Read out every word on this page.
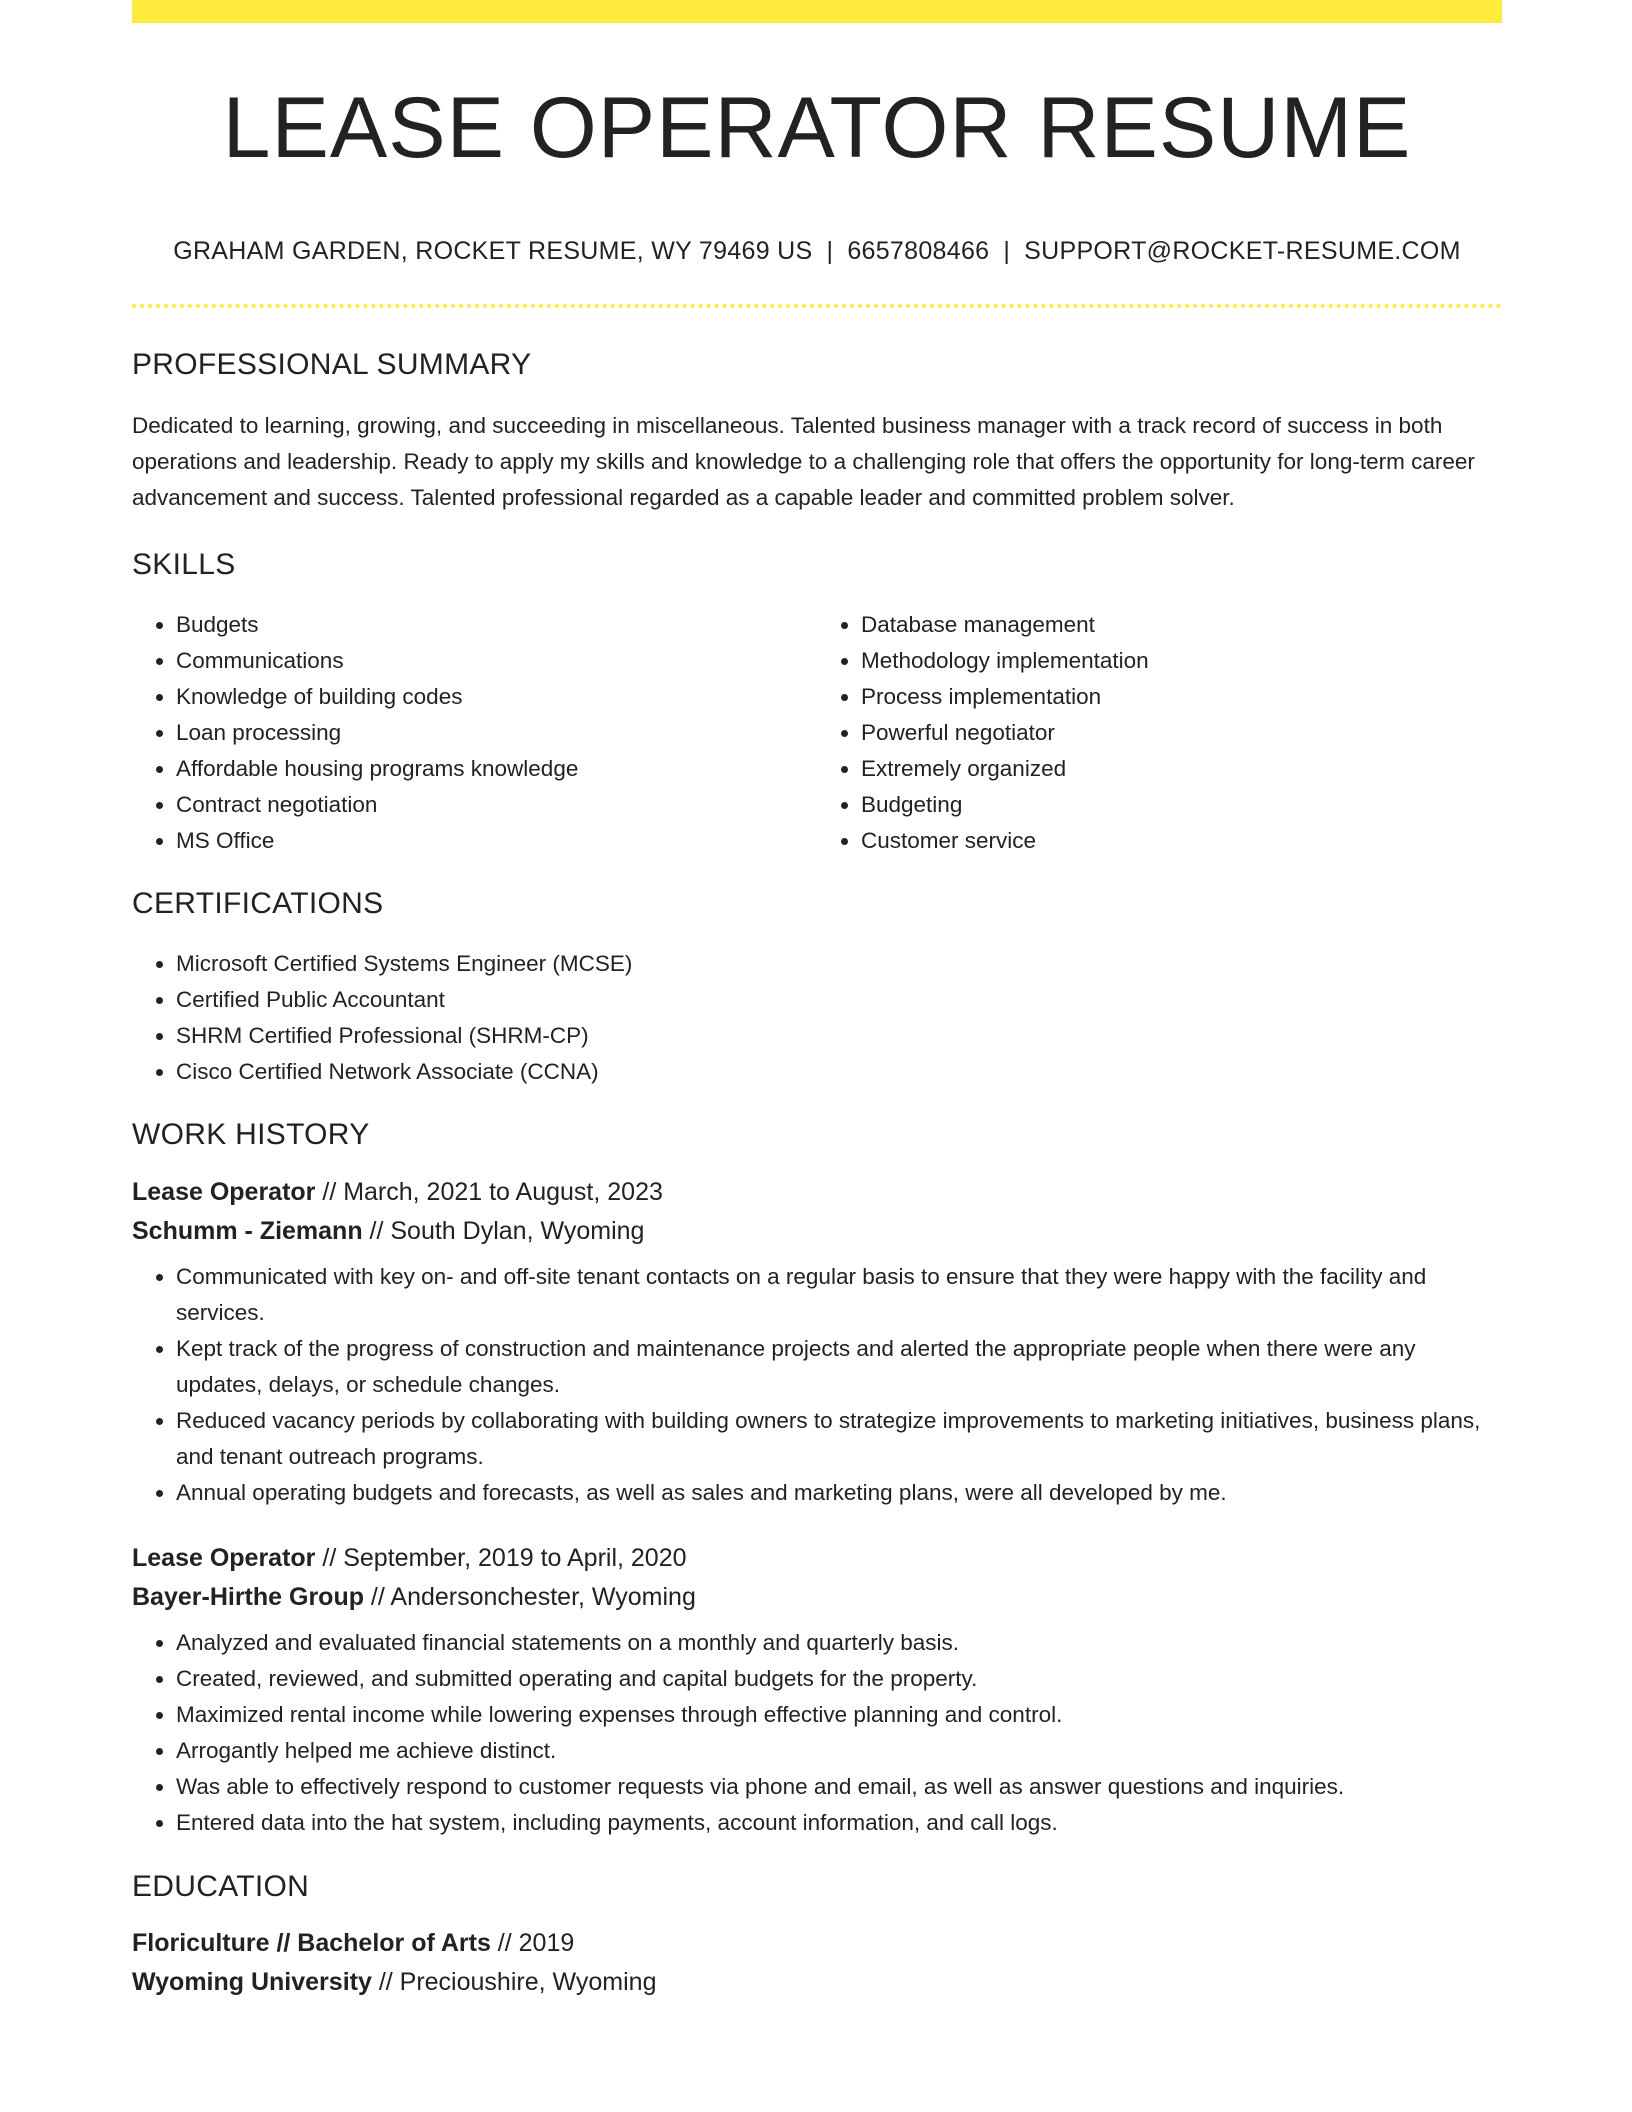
LEASE OPERATOR RESUME
GRAHAM GARDEN, ROCKET RESUME, WY 79469 US | 6657808466 | SUPPORT@ROCKET-RESUME.COM
PROFESSIONAL SUMMARY

Dedicated to learning, growing, and succeeding in miscellaneous. Talented business manager with a track record of success in both operations and leadership. Ready to apply my skills and knowledge to a challenging role that offers the opportunity for long-term career advancement and success. Talented professional regarded as a capable leader and committed problem solver.

SKILLS
• Budgets
• Communications
• Knowledge of building codes
• Loan processing
• Affordable housing programs knowledge
• Contract negotiation
• MS Office
• Database management
• Methodology implementation
• Process implementation
• Powerful negotiator
• Extremely organized
• Budgeting
• Customer service
CERTIFICATIONS
• Microsoft Certified Systems Engineer (MCSE)
• Certified Public Accountant
• SHRM Certified Professional (SHRM-CP)
• Cisco Certified Network Associate (CCNA)
WORK HISTORY
Lease Operator // March, 2021 to August, 2023
Schumm - Ziemann // South Dylan, Wyoming
• Communicated with key on- and off-site tenant contacts on a regular basis to ensure that they were happy with the facility and services.
• Kept track of the progress of construction and maintenance projects and alerted the appropriate people when there were any updates, delays, or schedule changes.
• Reduced vacancy periods by collaborating with building owners to strategize improvements to marketing initiatives, business plans, and tenant outreach programs.
• Annual operating budgets and forecasts, as well as sales and marketing plans, were all developed by me.
Lease Operator // September, 2019 to April, 2020
Bayer-Hirthe Group // Andersonchester, Wyoming
• Analyzed and evaluated financial statements on a monthly and quarterly basis.
• Created, reviewed, and submitted operating and capital budgets for the property.
• Maximized rental income while lowering expenses through effective planning and control.
• Arrogantly helped me achieve distinct.
• Was able to effectively respond to customer requests via phone and email, as well as answer questions and inquiries.
• Entered data into the hat system, including payments, account information, and call logs.
EDUCATION
Floriculture // Bachelor of Arts // 2019
Wyoming University // Precioushire, Wyoming
